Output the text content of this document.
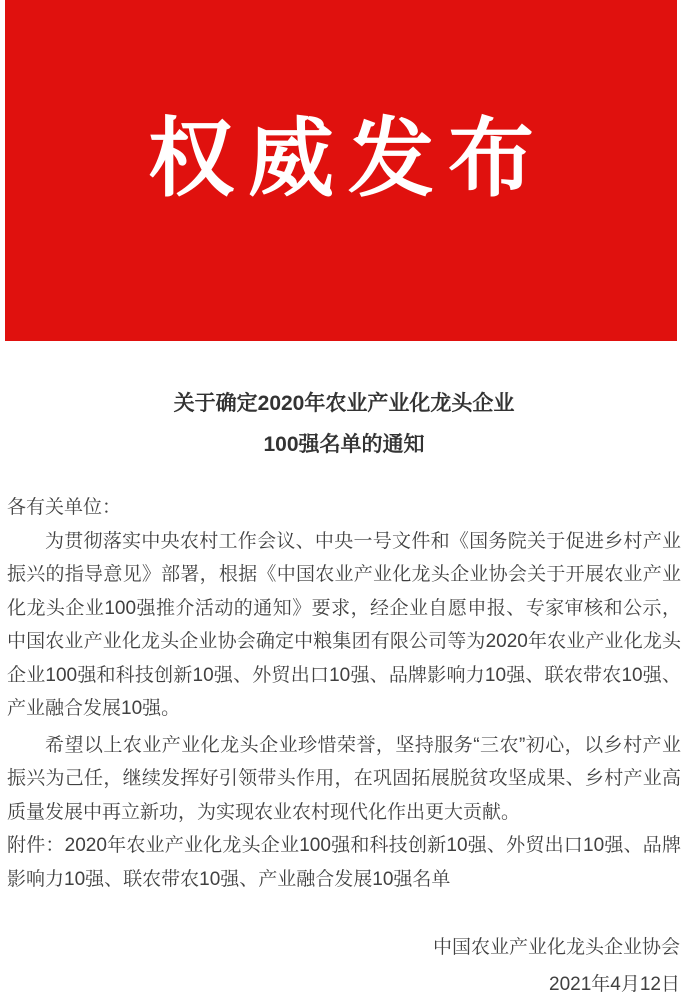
权威发布
关于确定2020年农业产业化龙头企业
100强名单的通知

各有关单位：

为贯彻落实中央农村工作会议、中央一号文件和《国务院关于促进乡村产业振兴的指导意见》部署，根据《中国农业产业化龙头企业协会关于开展农业产业化龙头企业100强推介活动的通知》要求，经企业自愿申报、专家审核和公示，中国农业产业化龙头企业协会确定中粮集团有限公司等为2020年农业产业化龙头企业100强和科技创新10强、外贸出口10强、品牌影响力10强、联农带农10强、产业融合发展10强。

希望以上农业产业化龙头企业珍惜荣誉，坚持服务“三农”初心，以乡村产业振兴为己任，继续发挥好引领带头作用，在巩固拓展脱贫攻坚成果、乡村产业高质量发展中再立新功，为实现农业农村现代化作出更大贡献。

附件：2020年农业产业化龙头企业100强和科技创新10强、外贸出口10强、品牌影响力10强、联农带农10强、产业融合发展10强名单

中国农业产业化龙头企业协会

2021年4月12日
